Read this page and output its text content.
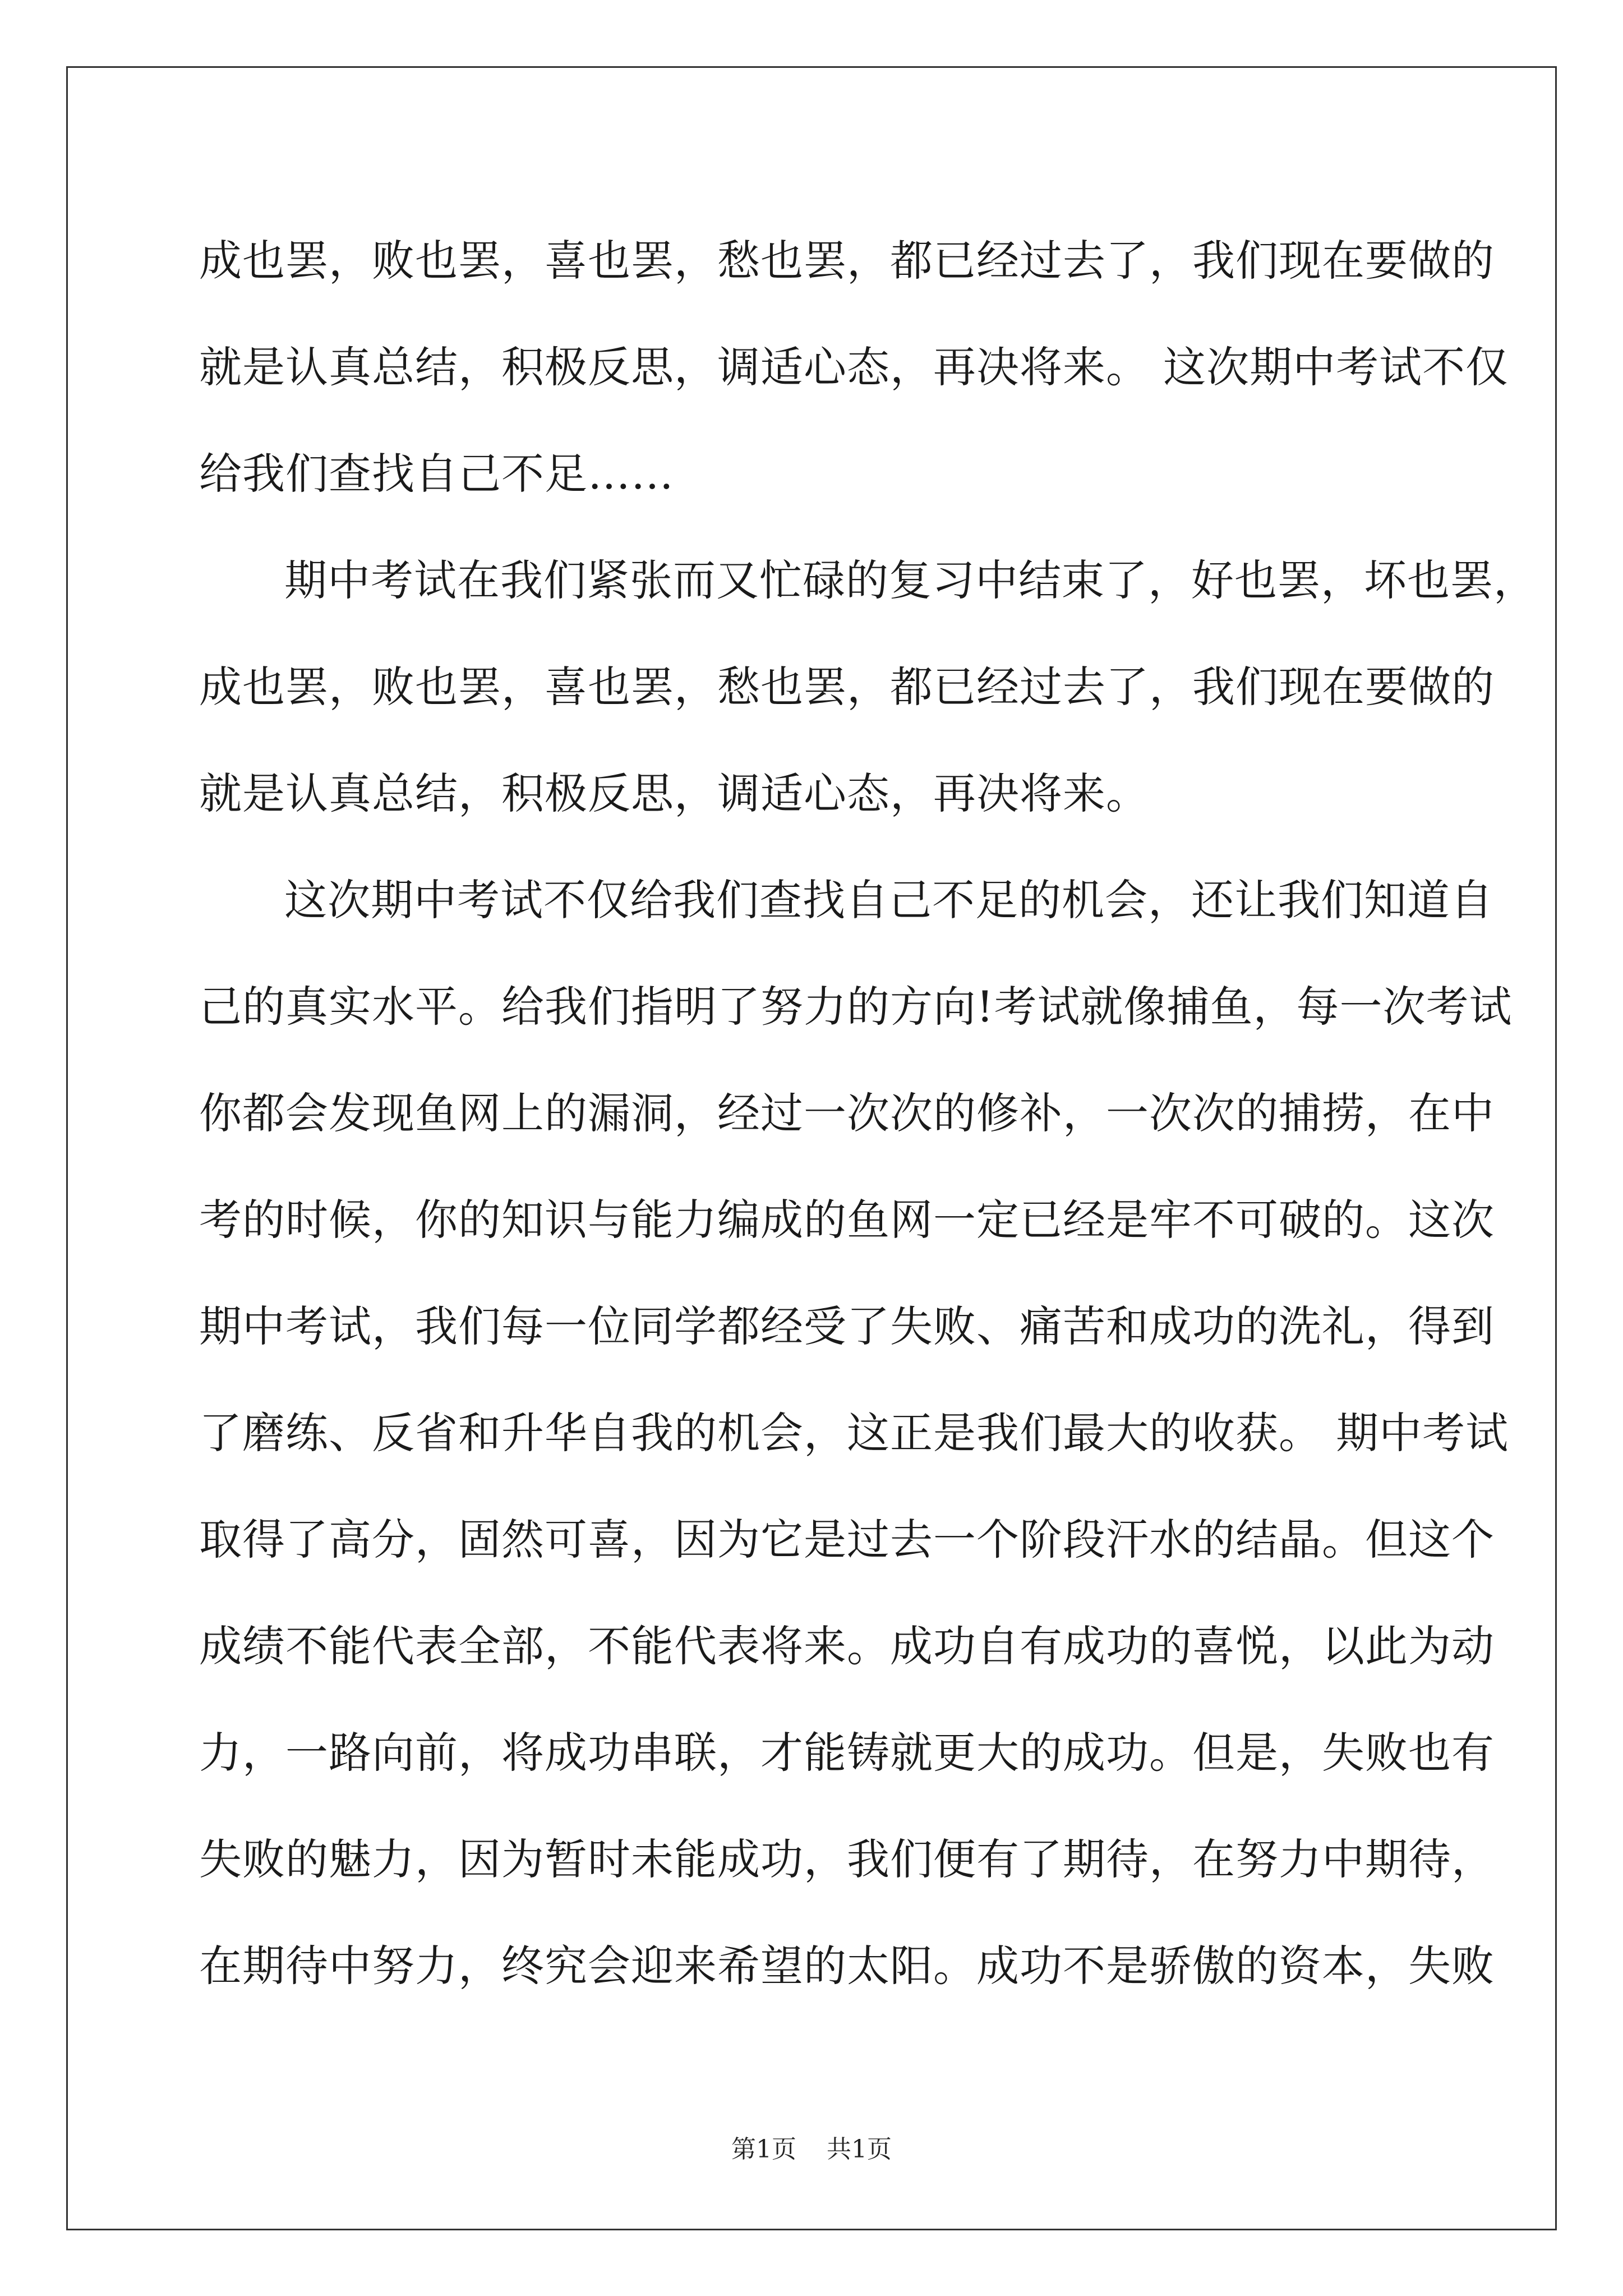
成也罢，败也罢，喜也罢，愁也罢，都已经过去了，我们现在要做的
就是认真总结，积极反思，调适心态，再决将来。 这次期中考试不仅
给我们查找自己不足……
期中考试在我们紧张而又忙碌的复习中结束了，好也罢，坏也罢，
成也罢，败也罢，喜也罢，愁也罢，都已经过去了，我们现在要做的
就是认真总结，积极反思，调适心态，再决将来。
这次期中考试不仅给我们查找自己不足的机会，还让我们知道自
己的真实水平。给我们指明了努力的方向!考试就像捕鱼，每一次考试
你都会发现鱼网上的漏洞，经过一次次的修补，一次次的捕捞，在中
考的时候，你的知识与能力编成的鱼网一定已经是牢不可破的。这次
期中考试，我们每一位同学都经受了失败、痛苦和成功的洗礼，得到
了磨练、反省和升华自我的机会，这正是我们最大的收获。 期中考试
取得了高分，固然可喜，因为它是过去一个阶段汗水的结晶。但这个
成绩不能代表全部，不能代表将来。成功自有成功的喜悦，以此为动
力，一路向前，将成功串联，才能铸就更大的成功。但是，失败也有
失败的魅力，因为暂时未能成功，我们便有了期待，在努力中期待，
在期待中努力，终究会迎来希望的太阳。成功不是骄傲的资本，失败
第1页 共1页
